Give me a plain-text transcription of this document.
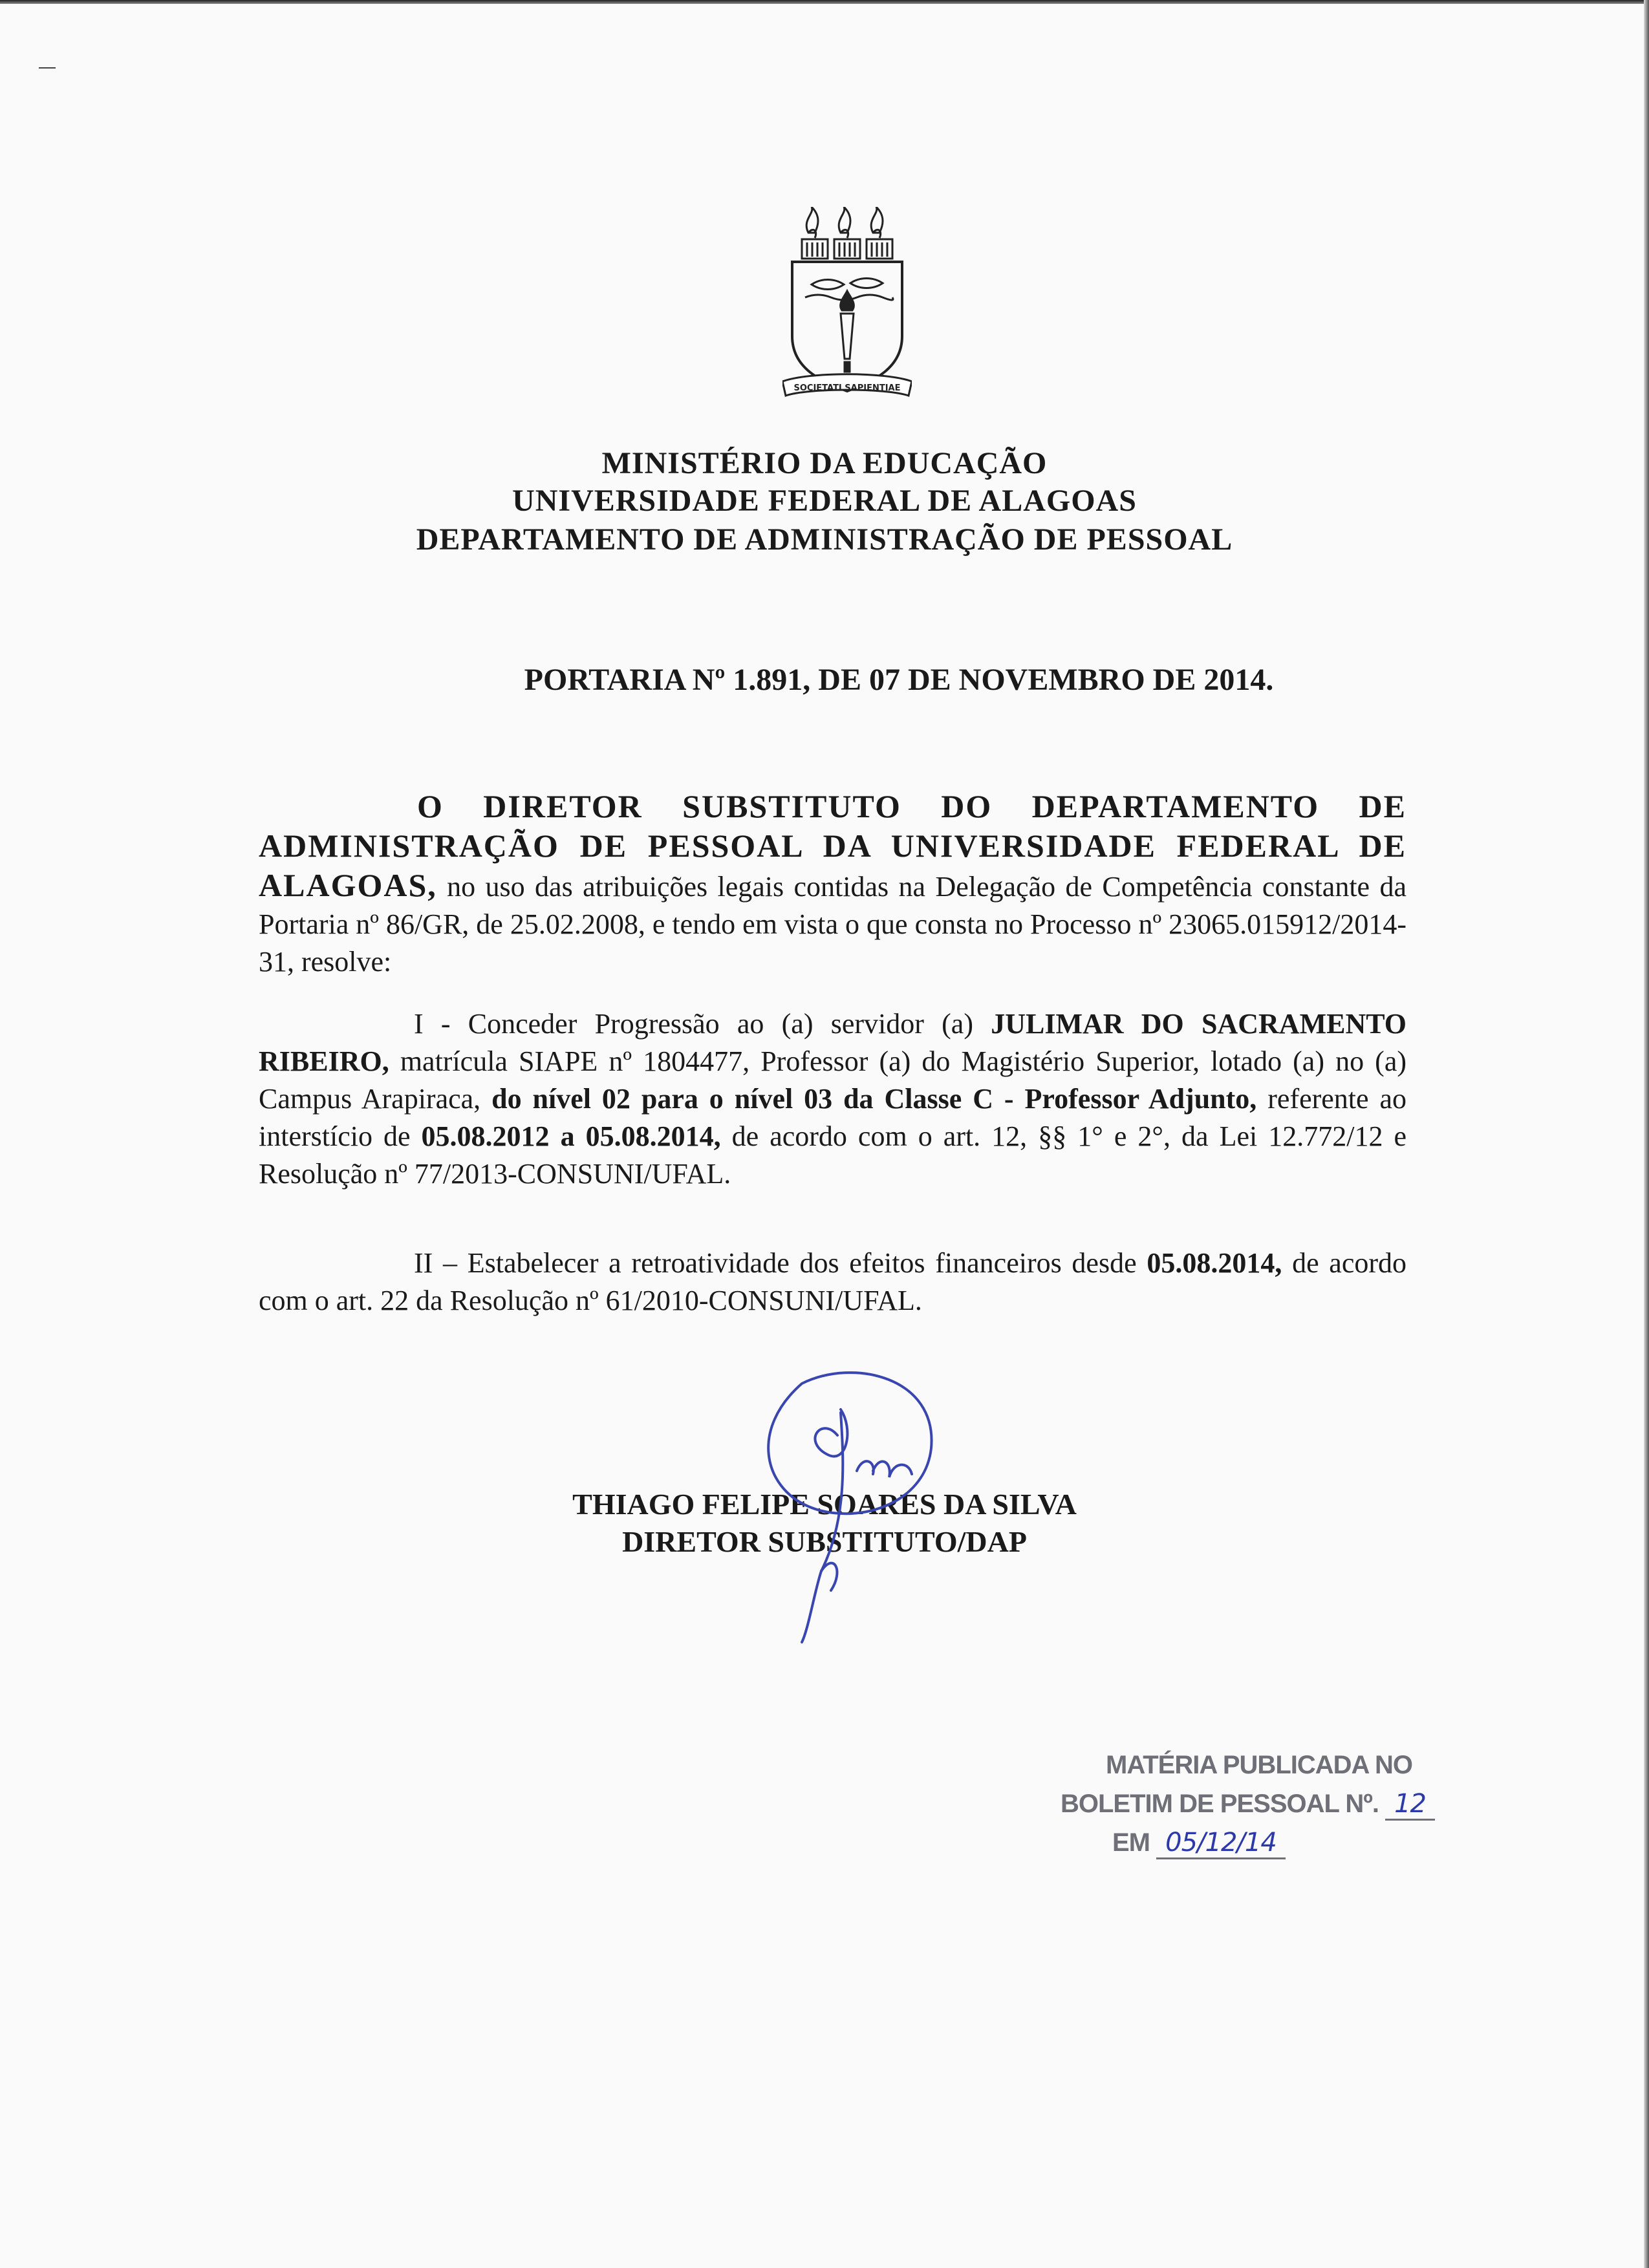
SOCIETATI SAPIENTIAE
MINISTÉRIO DA EDUCAÇÃO
UNIVERSIDADE FEDERAL DE ALAGOAS
DEPARTAMENTO DE ADMINISTRAÇÃO DE PESSOAL
PORTARIA Nº 1.891, DE 07 DE NOVEMBRO DE 2014.

O DIRETOR SUBSTITUTO DO DEPARTAMENTO DE ADMINISTRAÇÃO DE PESSOAL DA UNIVERSIDADE FEDERAL DE ALAGOAS, no uso das atribuições legais contidas na Delegação de Competência constante da Portaria nº 86/GR, de 25.02.2008, e tendo em vista o que consta no Processo nº 23065.015912/2014-31, resolve:

I - Conceder Progressão ao (a) servidor (a) JULIMAR DO SACRAMENTO RIBEIRO, matrícula SIAPE nº 1804477, Professor (a) do Magistério Superior, lotado (a) no (a) Campus Arapiraca, do nível 02 para o nível 03 da Classe C - Professor Adjunto, referente ao interstício de 05.08.2012 a 05.08.2014, de acordo com o art. 12, §§ 1° e 2°, da Lei 12.772/12 e Resolução nº 77/2013-CONSUNI/UFAL.

II – Estabelecer a retroatividade dos efeitos financeiros desde 05.08.2014, de acordo com o art. 22 da Resolução nº 61/2010-CONSUNI/UFAL.

THIAGO FELIPE SOARES DA SILVA
DIRETOR SUBSTITUTO/DAP
MATÉRIA PUBLICADA NO
BOLETIM DE PESSOAL Nº. 12
EM 05/12/14
